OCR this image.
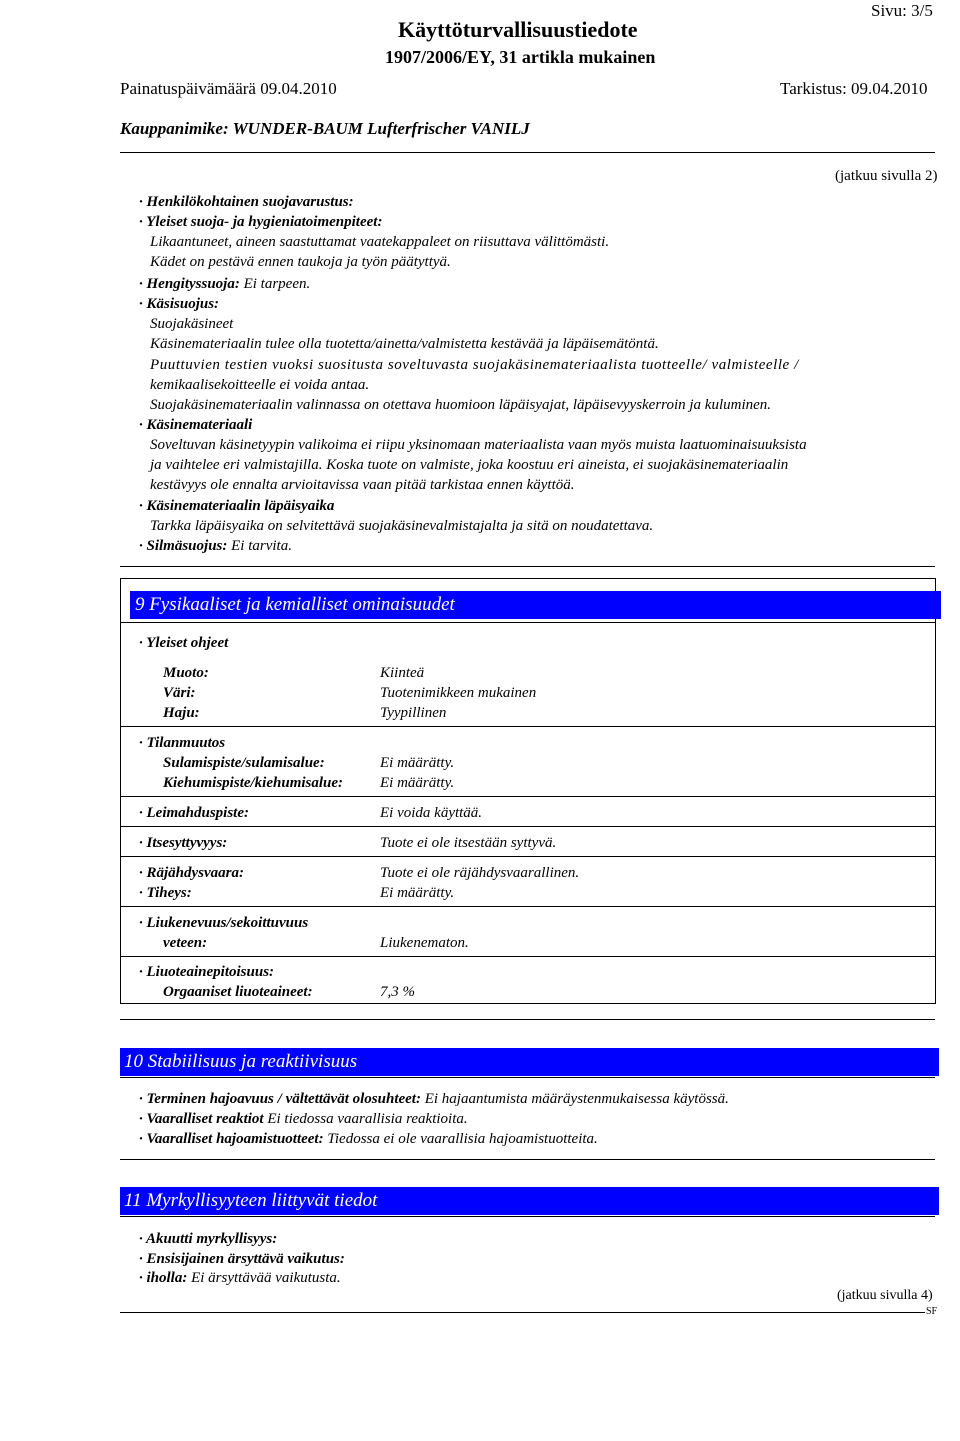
Sivu: 3/5
Käyttöturvallisuustiedote
1907/2006/EY, 31 artikla mukainen
Painatuspäivämäärä 09.04.2010	Tarkistus: 09.04.2010
Kauppanimike: WUNDER-BAUM Lufterfrischer VANILJ
(jatkuu sivulla 2)
· Henkilökohtainen suojavarustus:
· Yleiset suoja- ja hygieniatoimenpiteet:
Likaantuneet, aineen saastuttamat vaatekappaleet on riisuttava välittömästi.
Kädet on pestävä ennen taukoja ja työn päätyttyä.
· Hengityssuoja: Ei tarpeen.
· Käsisuojus:
Suojakäsineet
Käsinemateriaalin tulee olla tuotetta/ainetta/valmistetta kestävää ja läpäisemätöntä.
Puuttuvien testien vuoksi suositusta soveltuvasta suojakäsinemateriaalista tuotteelle/ valmisteelle /
kemikaalisekoitteelle ei voida antaa.
Suojakäsinemateriaalin valinnassa on otettava huomioon läpäisyajat, läpäisevyyskerroin ja kuluminen.
· Käsinemateriaali
Soveltuvan käsinetyypin valikoima ei riipu yksinomaan materiaalista vaan myös muista laatuominaisuuksista
ja vaihtelee eri valmistajilla. Koska tuote on valmiste, joka koostuu eri aineista, ei suojakäsinemateriaalin
kestävyys ole ennalta arvioitavissa vaan pitää tarkistaa ennen käyttöä.
· Käsinemateriaalin läpäisyaika
Tarkka läpäisyaika on selvitettävä suojakäsinevalmistajalta ja sitä on noudatettava.
· Silmäsuojus: Ei tarvita.
9 Fysikaaliset ja kemialliset ominaisuudet
· Yleiset ohjeet
Muoto:	Kiinteä
Väri:	Tuotenimikkeen mukainen
Haju:	Tyypillinen
· Tilanmuutos
Sulamispiste/sulamisalue:	Ei määrätty.
Kiehumispiste/kiehumisalue: Ei määrätty.
· Leimahduspiste:	Ei voida käyttää.
· Itsesyttyvyys:	Tuote ei ole itsestään syttyvä.
· Räjähdysvaara:	Tuote ei ole räjähdysvaarallinen.
· Tiheys:	Ei määrätty.
· Liukenevuus/sekoittuvuus
veteen:	Liukenematon.
· Liuoteainepitoisuus:
Orgaaniset liuoteaineet:	7,3 %
10 Stabiilisuus ja reaktiivisuus
· Terminen hajoavuus / vältettävät olosuhteet: Ei hajaantumista määräystenmukaisessa käytössä.
· Vaaralliset reaktiot Ei tiedossa vaarallisia reaktioita.
· Vaaralliset hajoamistuotteet: Tiedossa ei ole vaarallisia hajoamistuotteita.
11 Myrkyllisyyteen liittyvät tiedot
· Akuutti myrkyllisyys:
· Ensisijainen ärsyttävä vaikutus:
· iholla: Ei ärsyttävää vaikutusta.
(jatkuu sivulla 4)
SF
